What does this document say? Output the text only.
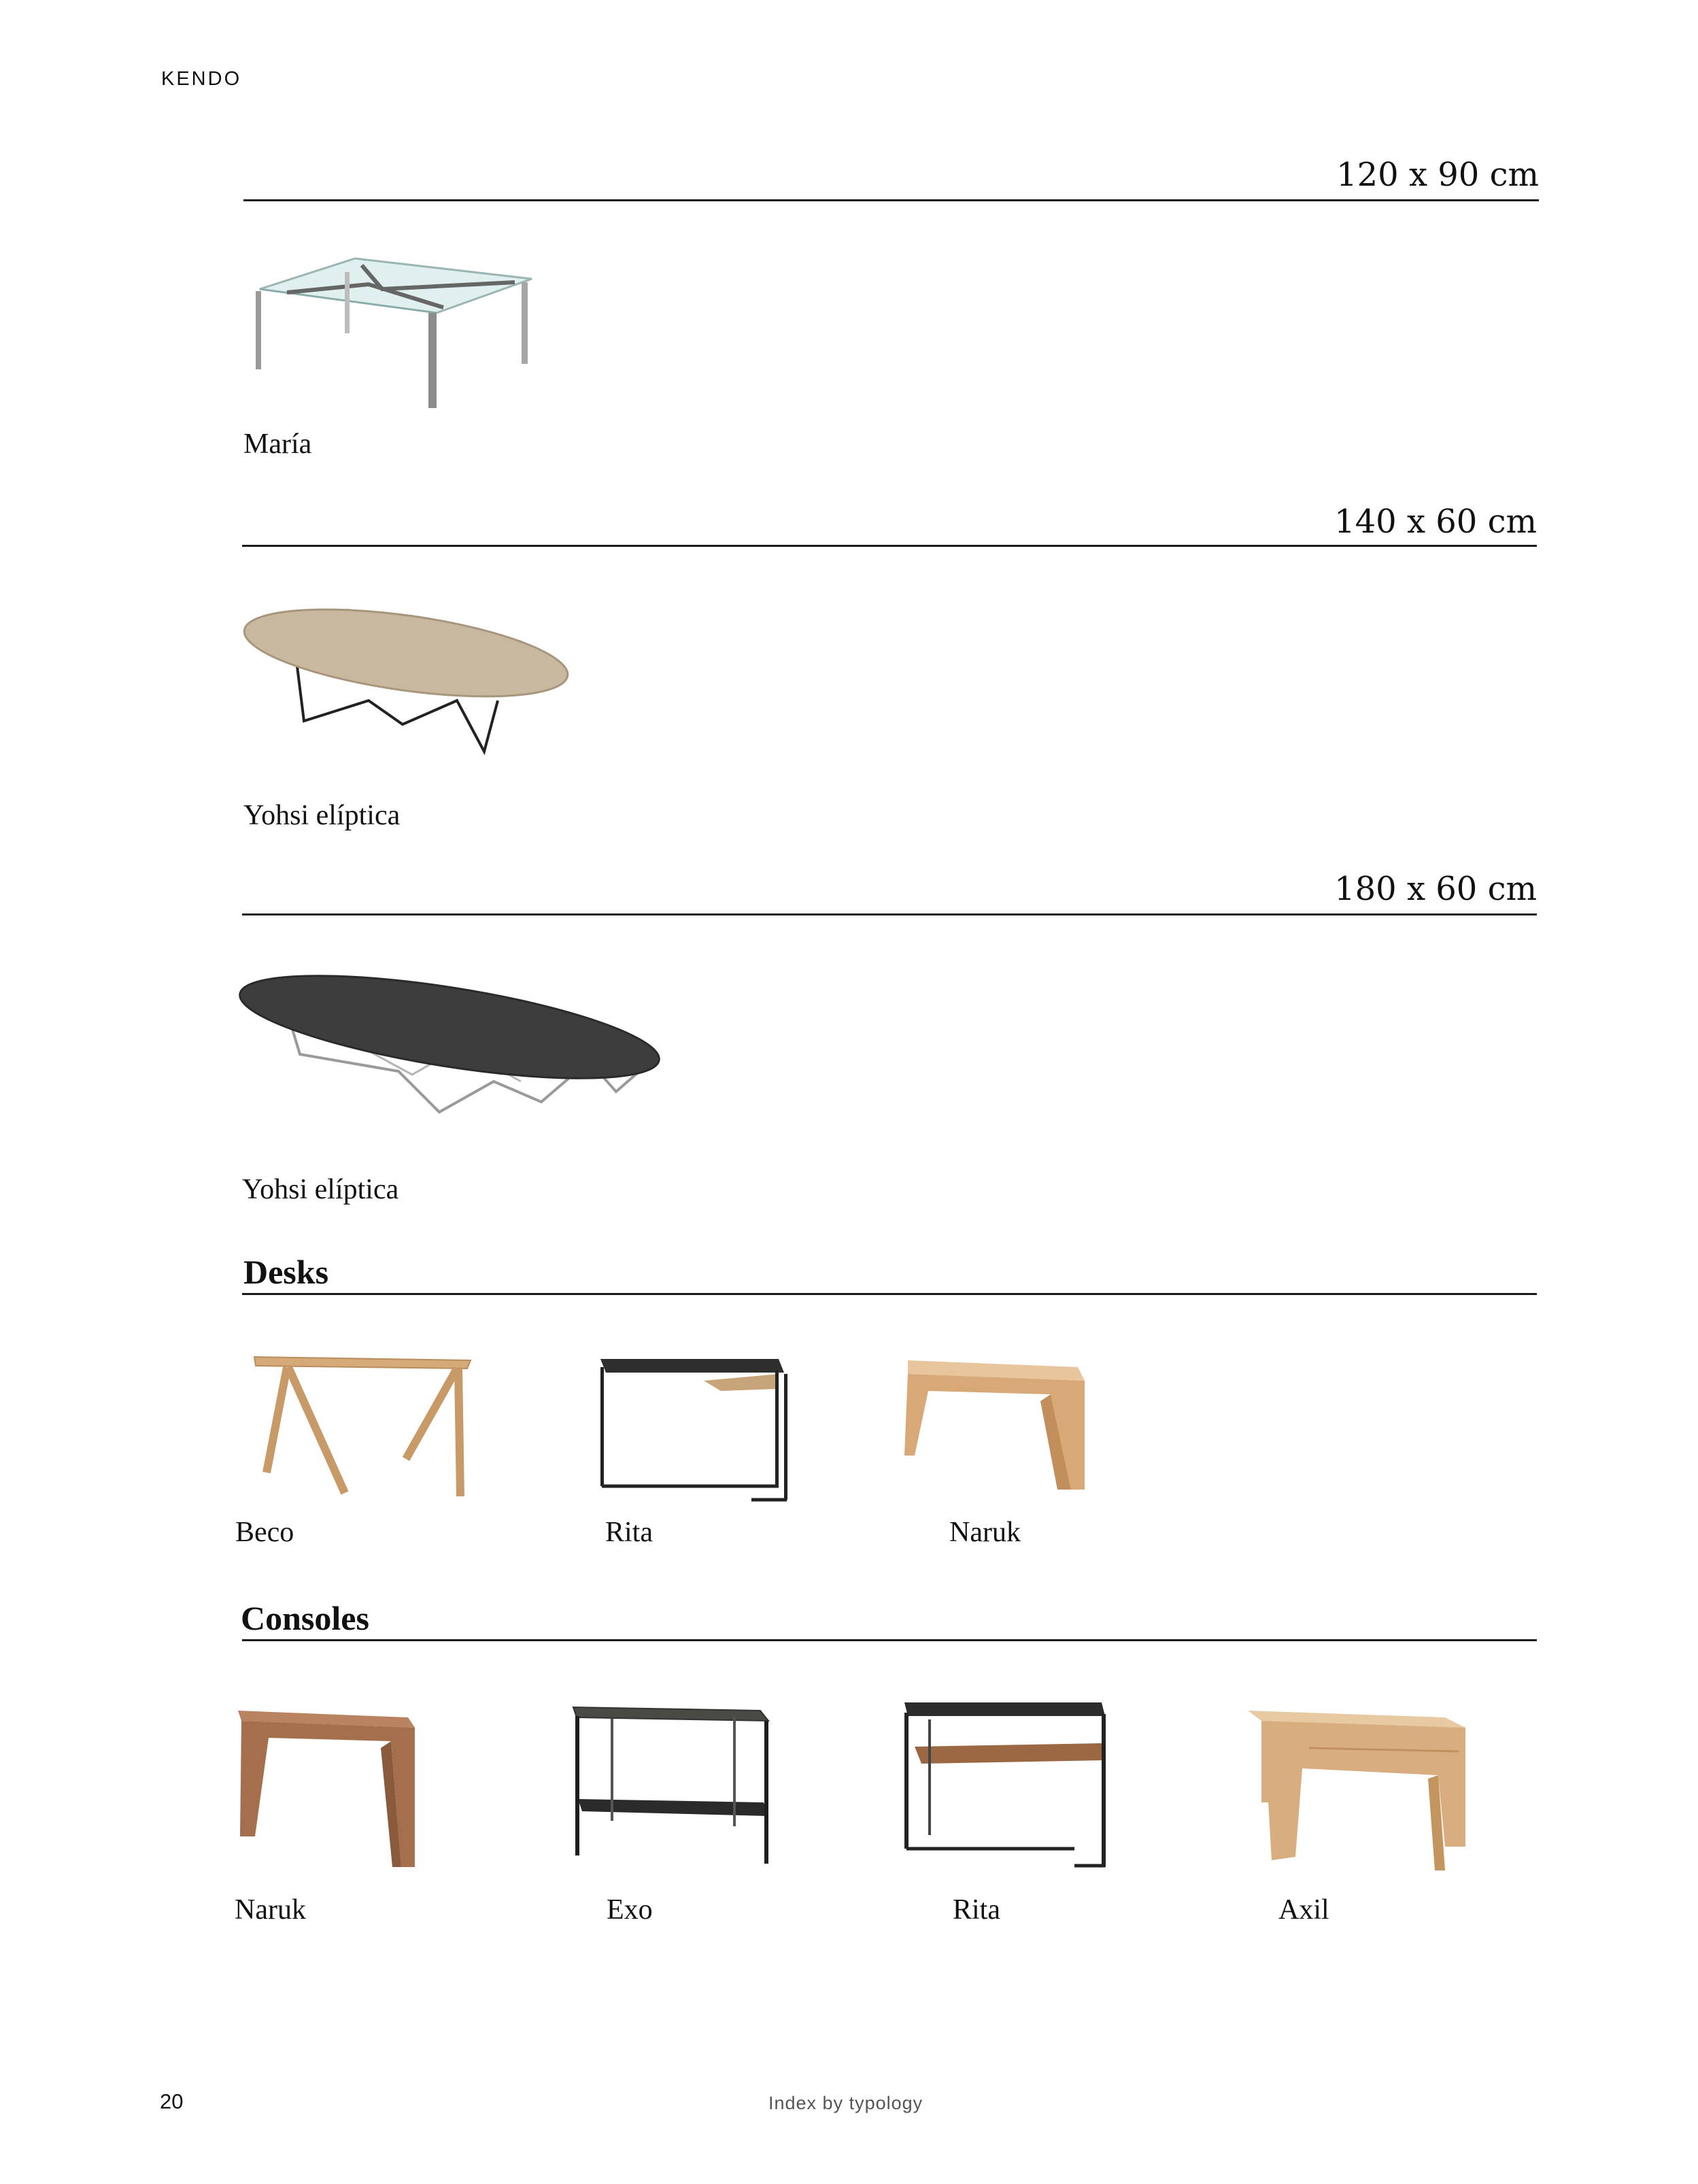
KENDO
120 x 90 cm
María
140 x 60 cm
Yohsi elíptica
180 x 60 cm
Yohsi elíptica
Desks
Beco	Rita	Naruk
Consoles
Naruk	Exo	Rita	Axil
20	Index by typology
